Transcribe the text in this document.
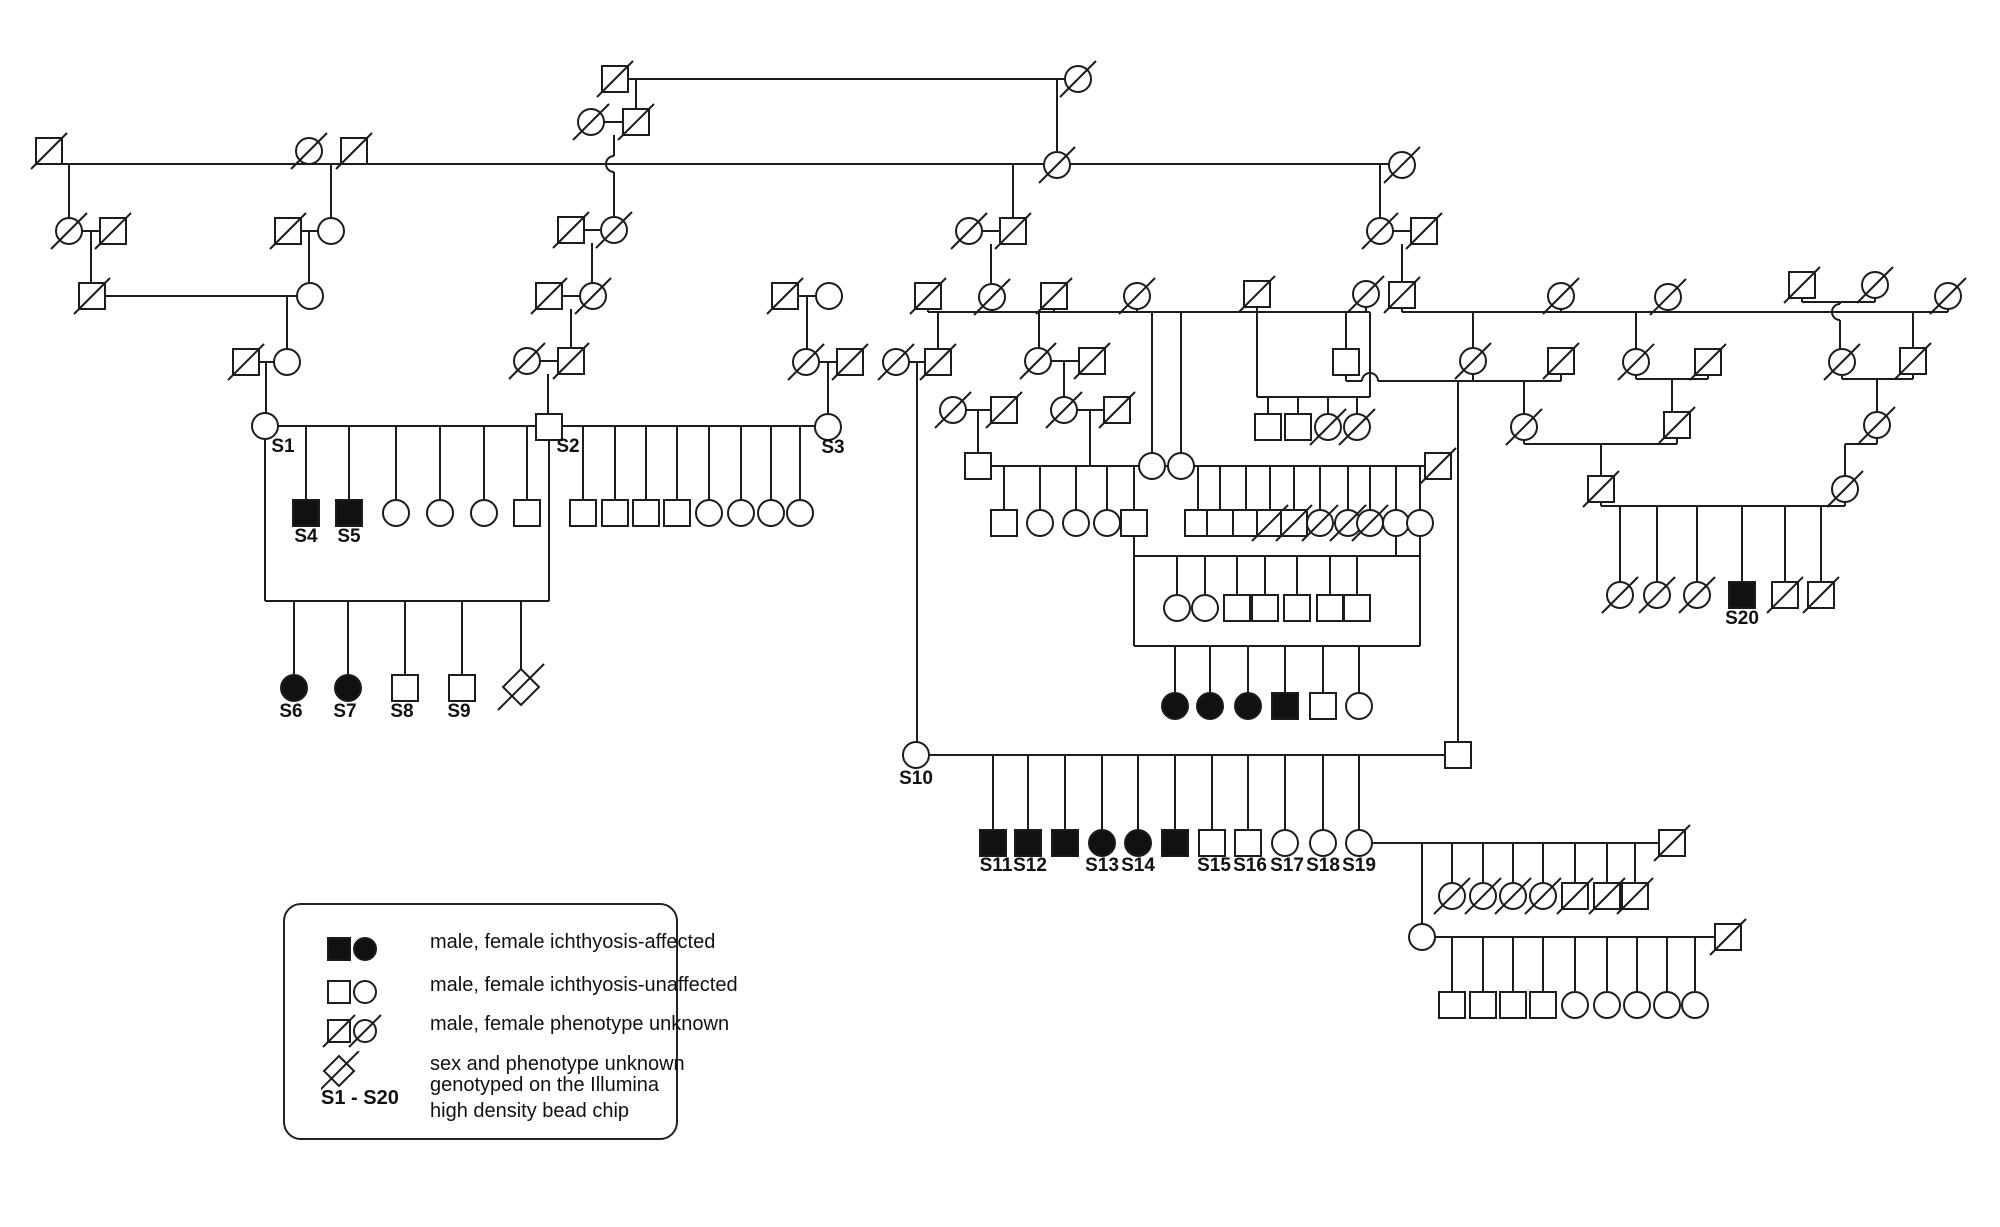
S1	S2	S3
S4 S5
S6 S7 S8 S9
S20
S10
S11 S12 S13 S14 S15 S16 S17 S18 S19
male, female ichthyosis-affected
male, female ichthyosis-unaffected
male, female phenotype unknown
sex and phenotype unknown
S1 - S20
genotyped on the Illumina
high density bead chip
